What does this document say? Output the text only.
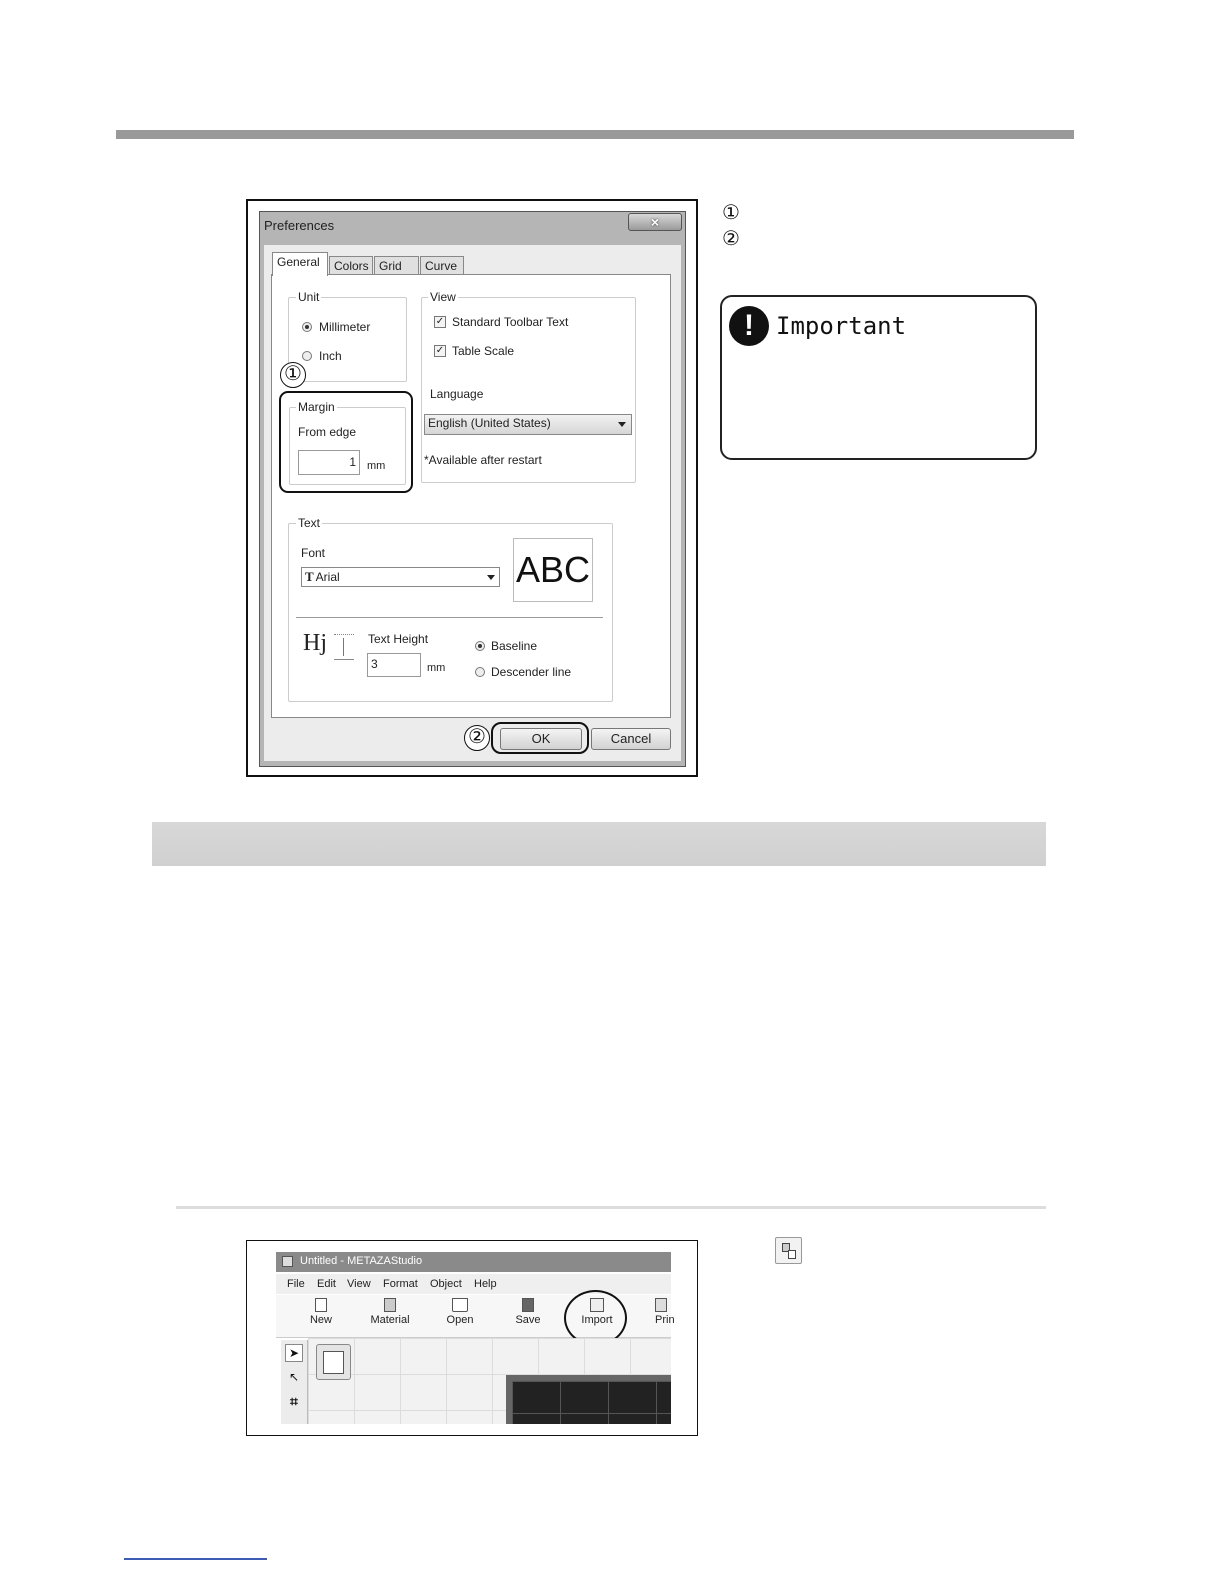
Preferences	×
General	Colors Grid	Curve
Unit
Millimeter
Inch
View
✓ Standard Toolbar Text
✓ Table Scale
Language
English (United States)
*Available after restart
Margin
From edge
1	mm
①
Text
Font
T Arial	ABC
Hj	Text Height
3	mm
Baseline
Descender line
OK	Cancel
②
①
②
! Important
Untitled - METAZAStudio
File Edit View Format Object Help
New	Material	Open	Save	Import	Prin
➤
↖
⌗
